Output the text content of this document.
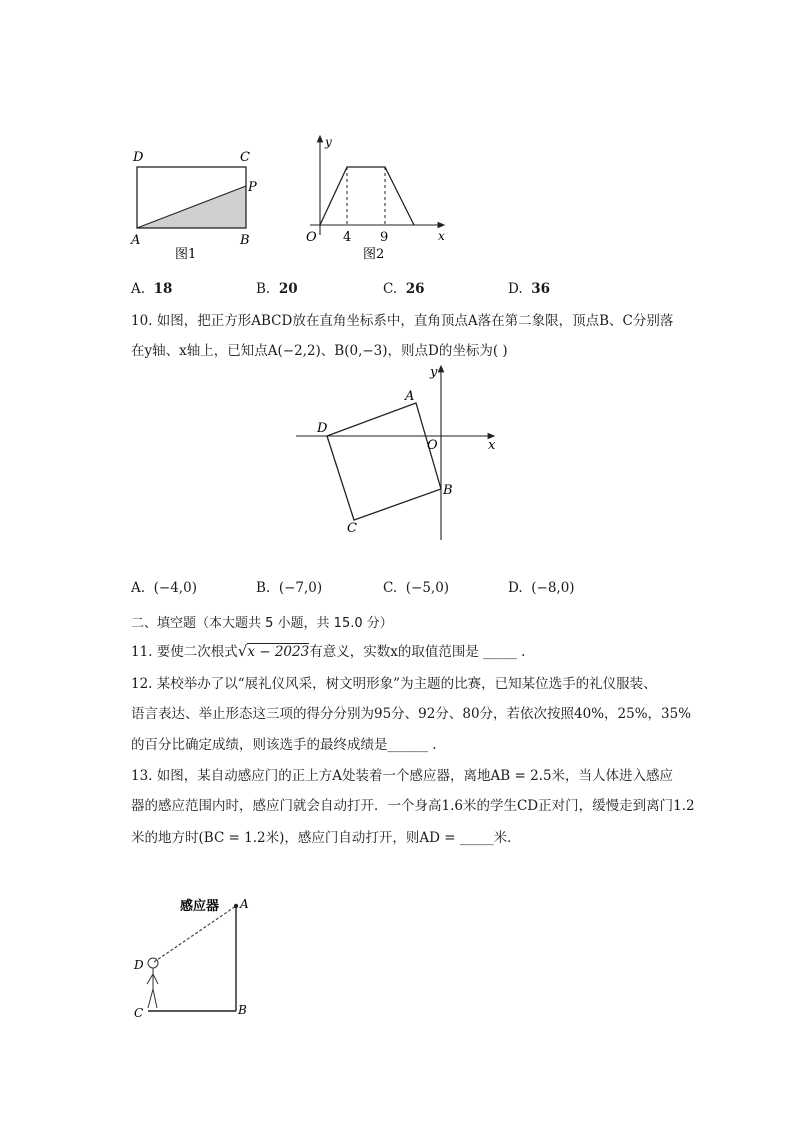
D	C
P
A	B
图1
y
x
O 4 9
图2
A. 18	B. 20	C. 26	D. 36
10. 如图，把正方形ABCD放在直角坐标系中，直角顶点A落在第二象限，顶点B、C分别落
在y轴、x轴上，已知点A(−2,2)、B(0,−3)，则点D的坐标为( )
y
x
O
A
B
C
D
A. (−4,0)	B. (−7,0)	C. (−5,0)	D. (−8,0)
二、填空题（本大题共 5 小题，共 15.0 分）
11. 要使二次根式√x − 2023有意义，实数x的取值范围是 _____ .
12. 某校举办了以“展礼仪风采，树文明形象”为主题的比赛，已知某位选手的礼仪服装、
语言表达、举止形态这三项的得分分别为95分、92分、80分，若依次按照40%，25%，35%
的百分比确定成绩，则该选手的最终成绩是______ .
13. 如图，某自动感应门的正上方A处装着一个感应器，离地AB = 2.5米，当人体进入感应
器的感应范围内时，感应门就会自动打开．一个身高1.6米的学生CD正对门，缓慢走到离门1.2
米的地方时(BC = 1.2米)，感应门自动打开，则AD = _____米．
感应器 A
B
C
D
